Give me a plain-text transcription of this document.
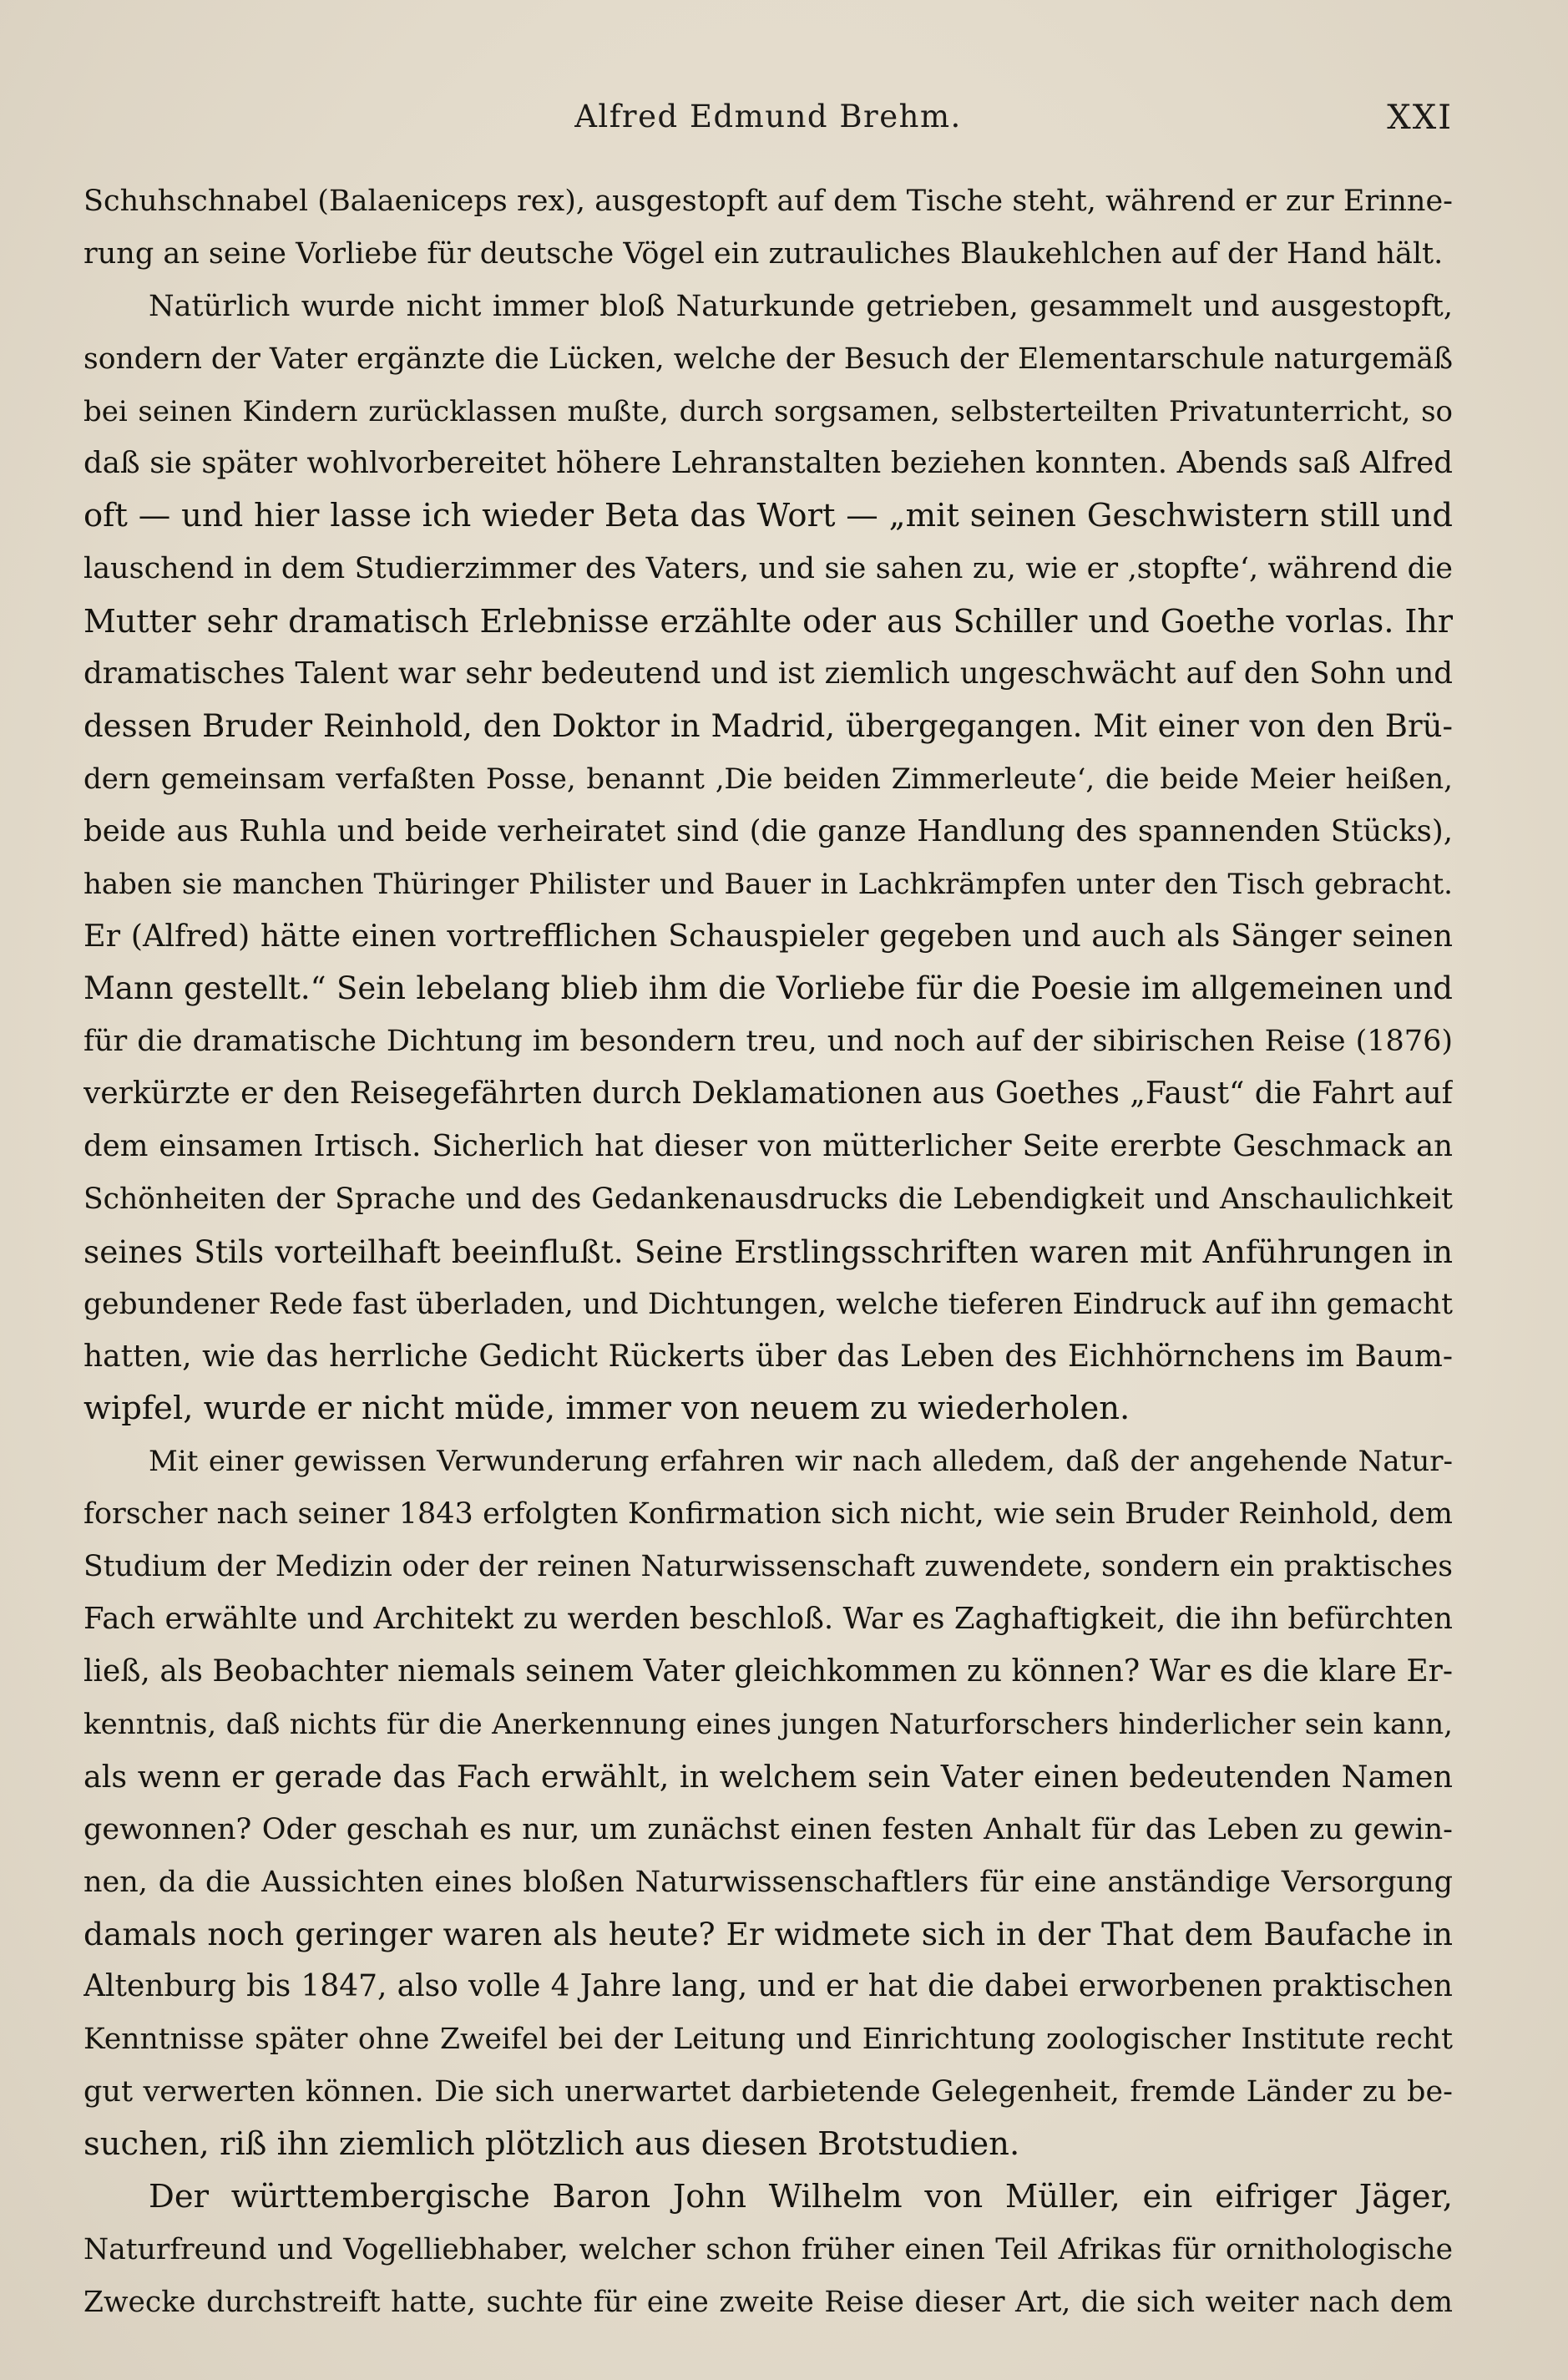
Alfred Edmund Brehm.	XXI
Schuhschnabel (Balaeniceps rex), ausgestopft auf dem Tische steht, während er zur Erinne-
rung an seine Vorliebe für deutsche Vögel ein zutrauliches Blaukehlchen auf der Hand hält.
Natürlich wurde nicht immer bloß Naturkunde getrieben, gesammelt und ausgestopft,
sondern der Vater ergänzte die Lücken, welche der Besuch der Elementarschule naturgemäß
bei seinen Kindern zurücklassen mußte, durch sorgsamen, selbsterteilten Privatunterricht, so
daß sie später wohlvorbereitet höhere Lehranstalten beziehen konnten. Abends saß Alfred
oft — und hier lasse ich wieder Beta das Wort — „mit seinen Geschwistern still und
lauschend in dem Studierzimmer des Vaters, und sie sahen zu, wie er ‚stopfte‘, während die
Mutter sehr dramatisch Erlebnisse erzählte oder aus Schiller und Goethe vorlas. Ihr
dramatisches Talent war sehr bedeutend und ist ziemlich ungeschwächt auf den Sohn und
dessen Bruder Reinhold, den Doktor in Madrid, übergegangen. Mit einer von den Brü-
dern gemeinsam verfaßten Posse, benannt ‚Die beiden Zimmerleute‘, die beide Meier heißen,
beide aus Ruhla und beide verheiratet sind (die ganze Handlung des spannenden Stücks),
haben sie manchen Thüringer Philister und Bauer in Lachkrämpfen unter den Tisch gebracht.
Er (Alfred) hätte einen vortrefflichen Schauspieler gegeben und auch als Sänger seinen
Mann gestellt.“ Sein lebelang blieb ihm die Vorliebe für die Poesie im allgemeinen und
für die dramatische Dichtung im besondern treu, und noch auf der sibirischen Reise (1876)
verkürzte er den Reisegefährten durch Deklamationen aus Goethes „Faust“ die Fahrt auf
dem einsamen Irtisch. Sicherlich hat dieser von mütterlicher Seite ererbte Geschmack an
Schönheiten der Sprache und des Gedankenausdrucks die Lebendigkeit und Anschaulichkeit
seines Stils vorteilhaft beeinflußt. Seine Erstlingsschriften waren mit Anführungen in
gebundener Rede fast überladen, und Dichtungen, welche tieferen Eindruck auf ihn gemacht
hatten, wie das herrliche Gedicht Rückerts über das Leben des Eichhörnchens im Baum-
wipfel, wurde er nicht müde, immer von neuem zu wiederholen.
Mit einer gewissen Verwunderung erfahren wir nach alledem, daß der angehende Natur-
forscher nach seiner 1843 erfolgten Konfirmation sich nicht, wie sein Bruder Reinhold, dem
Studium der Medizin oder der reinen Naturwissenschaft zuwendete, sondern ein praktisches
Fach erwählte und Architekt zu werden beschloß. War es Zaghaftigkeit, die ihn befürchten
ließ, als Beobachter niemals seinem Vater gleichkommen zu können? War es die klare Er-
kenntnis, daß nichts für die Anerkennung eines jungen Naturforschers hinderlicher sein kann,
als wenn er gerade das Fach erwählt, in welchem sein Vater einen bedeutenden Namen
gewonnen? Oder geschah es nur, um zunächst einen festen Anhalt für das Leben zu gewin-
nen, da die Aussichten eines bloßen Naturwissenschaftlers für eine anständige Versorgung
damals noch geringer waren als heute? Er widmete sich in der That dem Baufache in
Altenburg bis 1847, also volle 4 Jahre lang, und er hat die dabei erworbenen praktischen
Kenntnisse später ohne Zweifel bei der Leitung und Einrichtung zoologischer Institute recht
gut verwerten können. Die sich unerwartet darbietende Gelegenheit, fremde Länder zu be-
suchen, riß ihn ziemlich plötzlich aus diesen Brotstudien.
Der württembergische Baron John Wilhelm von Müller, ein eifriger Jäger,
Naturfreund und Vogelliebhaber, welcher schon früher einen Teil Afrikas für ornithologische
Zwecke durchstreift hatte, suchte für eine zweite Reise dieser Art, die sich weiter nach dem
